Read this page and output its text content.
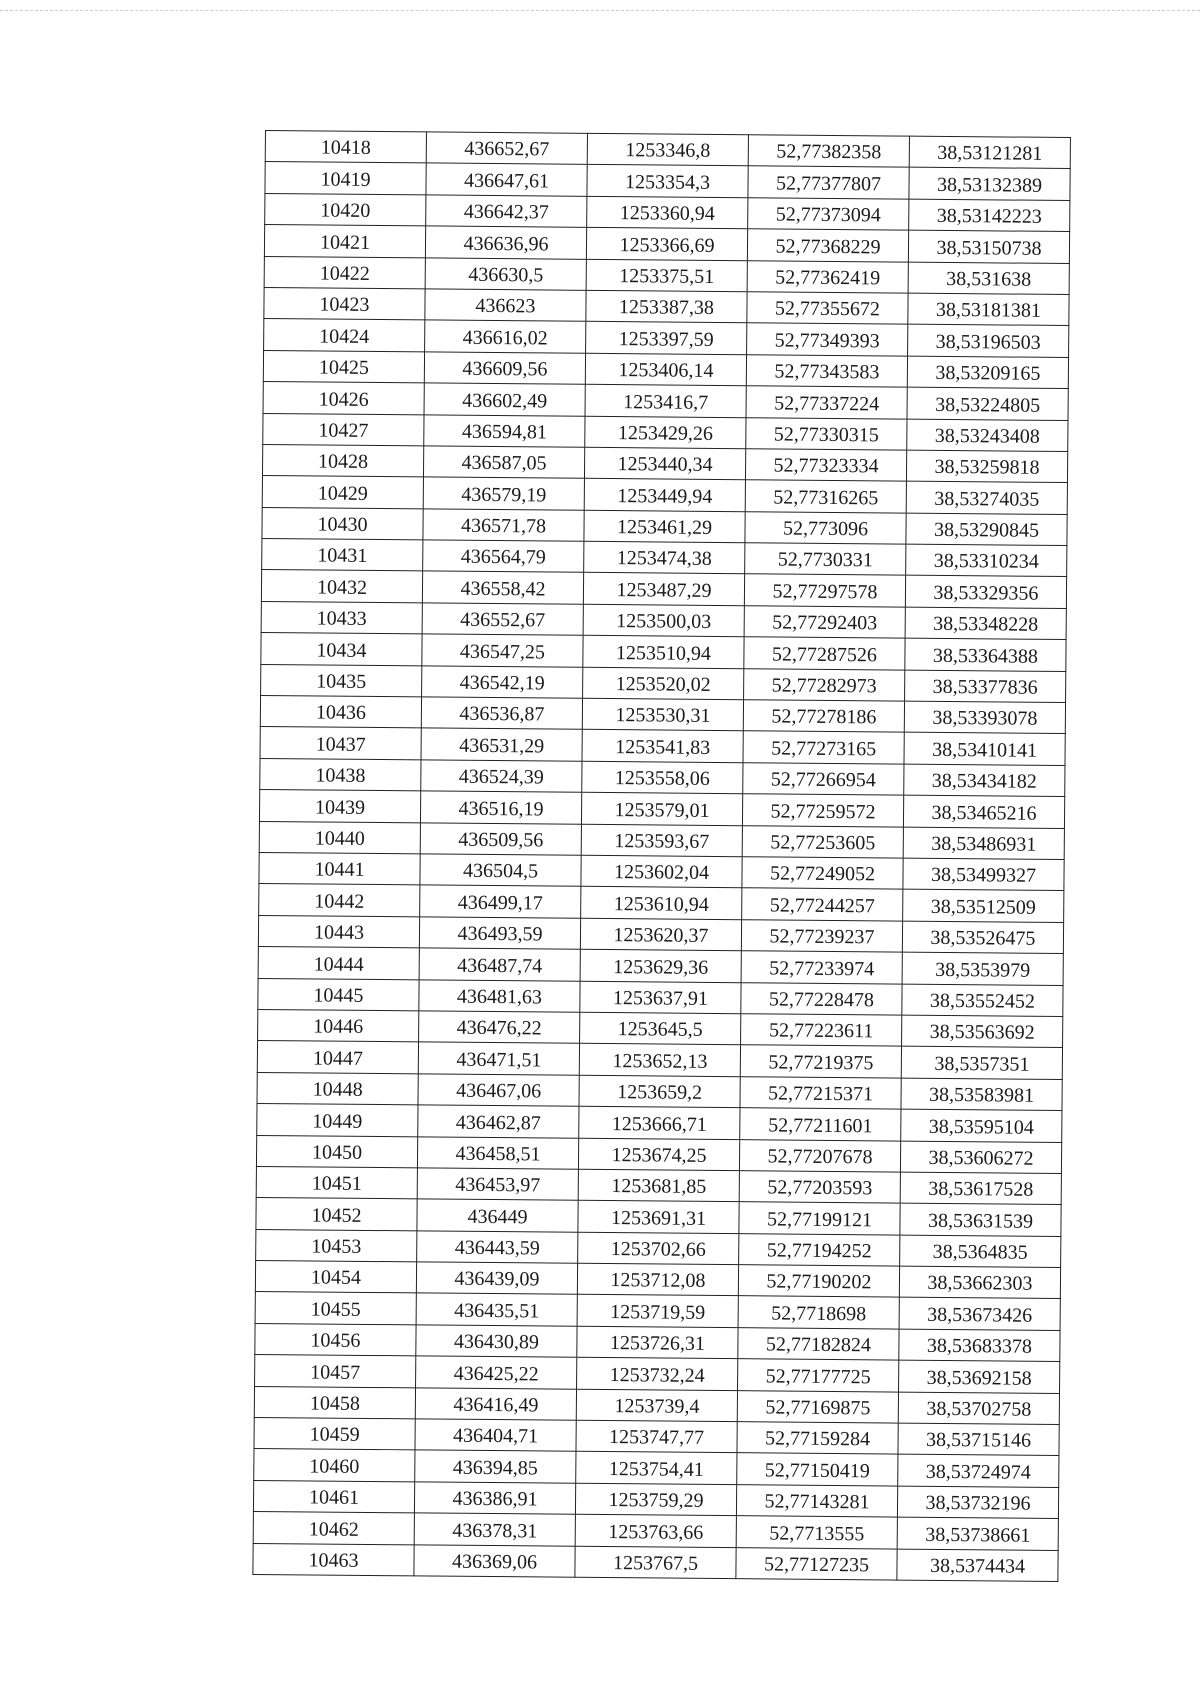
10418	436652,67	1253346,8	52,77382358	38,53121281
10419	436647,61	1253354,3	52,77377807	38,53132389
10420	436642,37	1253360,94	52,77373094	38,53142223
10421	436636,96	1253366,69	52,77368229	38,53150738
10422	436630,5	1253375,51	52,77362419	38,531638
10423	436623	1253387,38	52,77355672	38,53181381
10424	436616,02	1253397,59	52,77349393	38,53196503
10425	436609,56	1253406,14	52,77343583	38,53209165
10426	436602,49	1253416,7	52,77337224	38,53224805
10427	436594,81	1253429,26	52,77330315	38,53243408
10428	436587,05	1253440,34	52,77323334	38,53259818
10429	436579,19	1253449,94	52,77316265	38,53274035
10430	436571,78	1253461,29	52,773096	38,53290845
10431	436564,79	1253474,38	52,7730331	38,53310234
10432	436558,42	1253487,29	52,77297578	38,53329356
10433	436552,67	1253500,03	52,77292403	38,53348228
10434	436547,25	1253510,94	52,77287526	38,53364388
10435	436542,19	1253520,02	52,77282973	38,53377836
10436	436536,87	1253530,31	52,77278186	38,53393078
10437	436531,29	1253541,83	52,77273165	38,53410141
10438	436524,39	1253558,06	52,77266954	38,53434182
10439	436516,19	1253579,01	52,77259572	38,53465216
10440	436509,56	1253593,67	52,77253605	38,53486931
10441	436504,5	1253602,04	52,77249052	38,53499327
10442	436499,17	1253610,94	52,77244257	38,53512509
10443	436493,59	1253620,37	52,77239237	38,53526475
10444	436487,74	1253629,36	52,77233974	38,5353979
10445	436481,63	1253637,91	52,77228478	38,53552452
10446	436476,22	1253645,5	52,77223611	38,53563692
10447	436471,51	1253652,13	52,77219375	38,5357351
10448	436467,06	1253659,2	52,77215371	38,53583981
10449	436462,87	1253666,71	52,77211601	38,53595104
10450	436458,51	1253674,25	52,77207678	38,53606272
10451	436453,97	1253681,85	52,77203593	38,53617528
10452	436449	1253691,31	52,77199121	38,53631539
10453	436443,59	1253702,66	52,77194252	38,5364835
10454	436439,09	1253712,08	52,77190202	38,53662303
10455	436435,51	1253719,59	52,7718698	38,53673426
10456	436430,89	1253726,31	52,77182824	38,53683378
10457	436425,22	1253732,24	52,77177725	38,53692158
10458	436416,49	1253739,4	52,77169875	38,53702758
10459	436404,71	1253747,77	52,77159284	38,53715146
10460	436394,85	1253754,41	52,77150419	38,53724974
10461	436386,91	1253759,29	52,77143281	38,53732196
10462	436378,31	1253763,66	52,7713555	38,53738661
10463	436369,06	1253767,5	52,77127235	38,5374434
